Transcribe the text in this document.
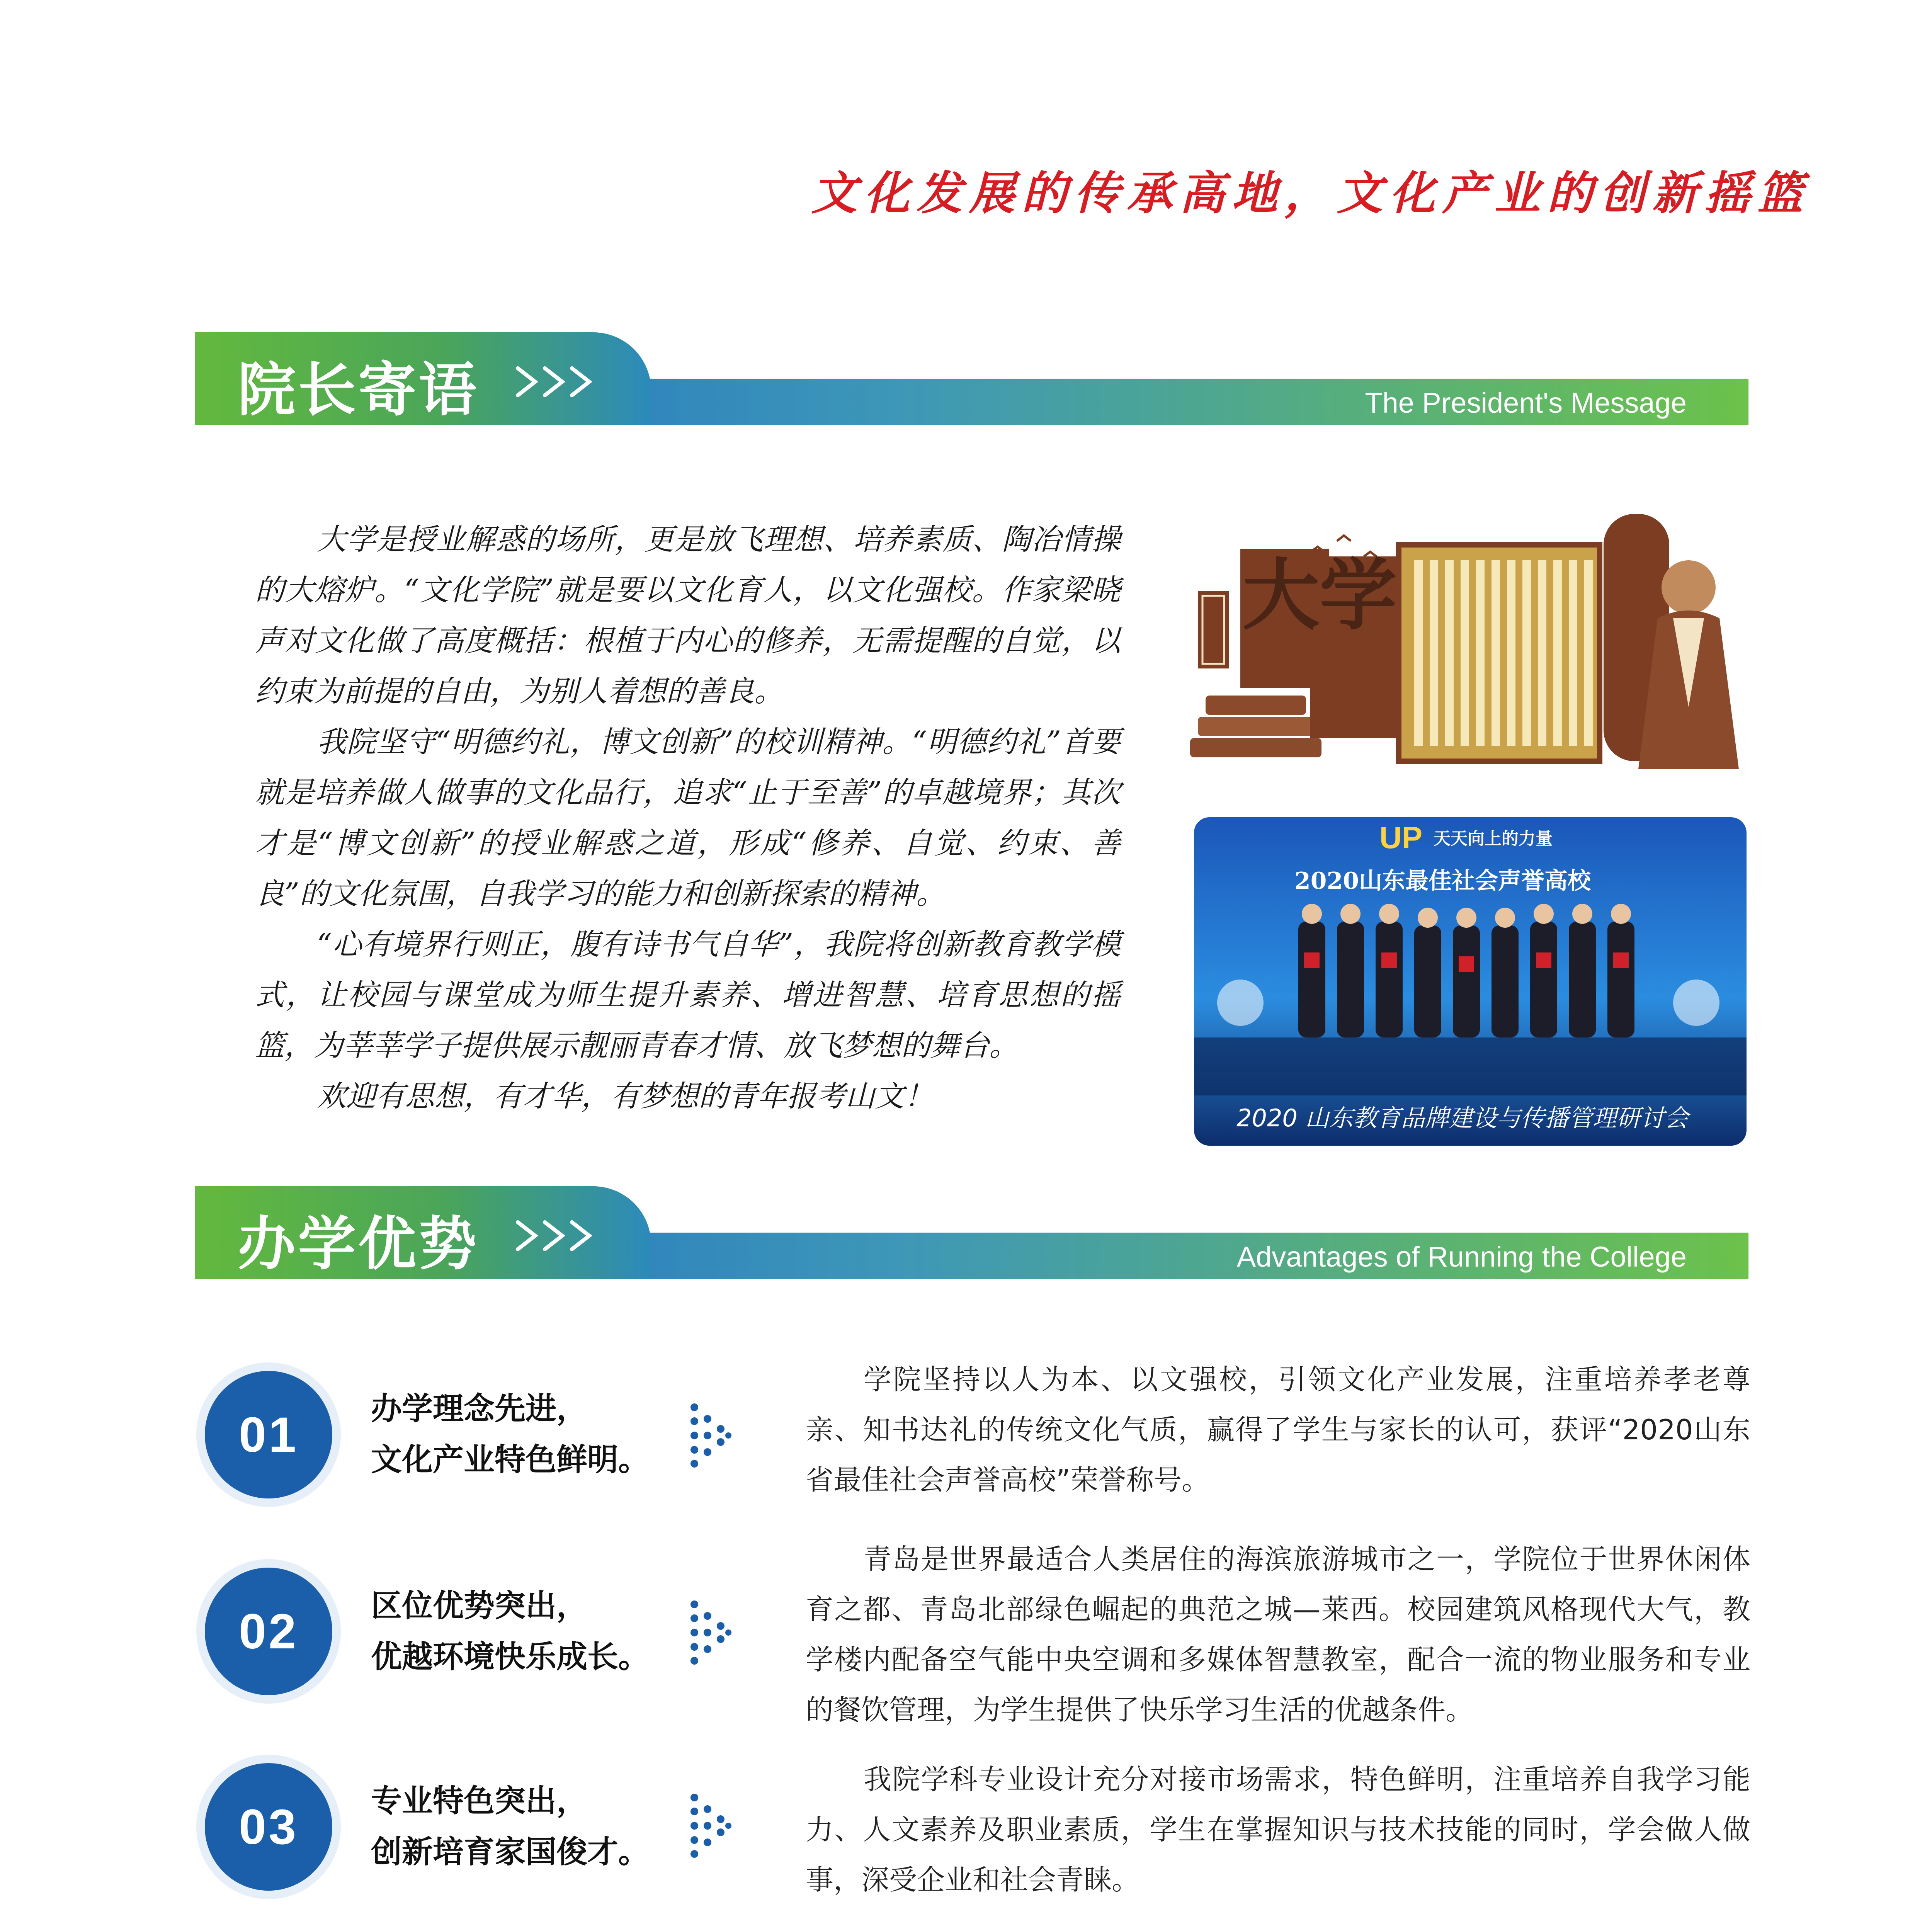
文化发展的传承高地，文化产业的创新摇篮
院长寄语	The President's Message

大学是授业解惑的场所，更是放飞理想、培养素质、陶冶情操的大熔炉。“文化学院”就是要以文化育人，以文化强校。作家梁晓声对文化做了高度概括：根植于内心的修养，无需提醒的自觉，以约束为前提的自由，为别人着想的善良。

我院坚守“明德约礼，博文创新”的校训精神。“明德约礼”首要就是培养做人做事的文化品行，追求“止于至善”的卓越境界；其次才是“博文创新”的授业解惑之道，形成“修养、自觉、约束、善良”的文化氛围，自我学习的能力和创新探索的精神。

“心有境界行则正，腹有诗书气自华”，我院将创新教育教学模式，让校园与课堂成为师生提升素养、增进智慧、培育思想的摇篮，为莘莘学子提供展示靓丽青春才情、放飞梦想的舞台。

欢迎有思想，有才华，有梦想的青年报考山文！

大学
UP 天天向上的力量
2020山东最佳社会声誉高校
2020 山东教育品牌建设与传播管理研讨会
办学优势	Advantages of Running the College
01	办学理念先进，
文化产业特色鲜明。
学院坚持以人为本、以文强校，引领文化产业发展，注重培养孝老尊亲、知书达礼的传统文化气质，赢得了学生与家长的认可，获评“2020山东省最佳社会声誉高校”荣誉称号。
02	区位优势突出，
优越环境快乐成长。
青岛是世界最适合人类居住的海滨旅游城市之一，学院位于世界休闲体育之都、青岛北部绿色崛起的典范之城—莱西。校园建筑风格现代大气，教学楼内配备空气能中央空调和多媒体智慧教室，配合一流的物业服务和专业的餐饮管理，为学生提供了快乐学习生活的优越条件。
03	专业特色突出，
创新培育家国俊才。
我院学科专业设计充分对接市场需求，特色鲜明，注重培养自我学习能力、人文素养及职业素质，学生在掌握知识与技术技能的同时，学会做人做事，深受企业和社会青睐。
